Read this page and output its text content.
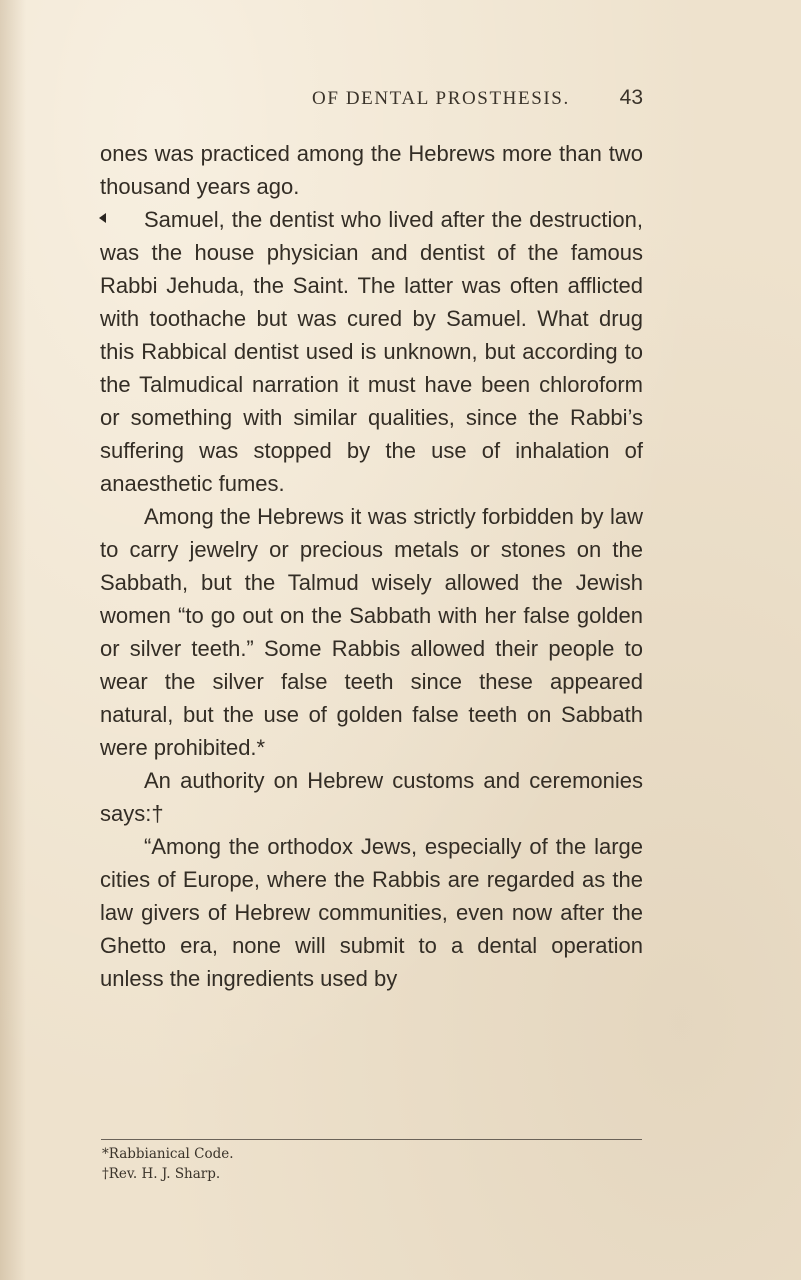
OF DENTAL PROSTHESIS. 43

ones was practiced among the Hebrews more than two thousand years ago.

Samuel, the dentist who lived after the destruction, was the house physician and dentist of the famous Rabbi Jehuda, the Saint. The latter was often afflicted with toothache but was cured by Samuel. What drug this Rabbical dentist used is unknown, but according to the Talmudical narration it must have been chloroform or something with similar qualities, since the Rabbi’s suffering was stopped by the use of inhalation of anaesthetic fumes.

Among the Hebrews it was strictly forbidden by law to carry jewelry or precious metals or stones on the Sabbath, but the Talmud wisely allowed the Jewish women “to go out on the Sabbath with her false golden or silver teeth.” Some Rabbis allowed their people to wear the silver false teeth since these appeared natural, but the use of golden false teeth on Sabbath were prohibited.*

An authority on Hebrew customs and ceremonies says:†

“Among the orthodox Jews, especially of the large cities of Europe, where the Rabbis are regarded as the law givers of Hebrew communities, even now after the Ghetto era, none will submit to a dental operation unless the ingredients used by

*Rabbianical Code.

†Rev. H. J. Sharp.
